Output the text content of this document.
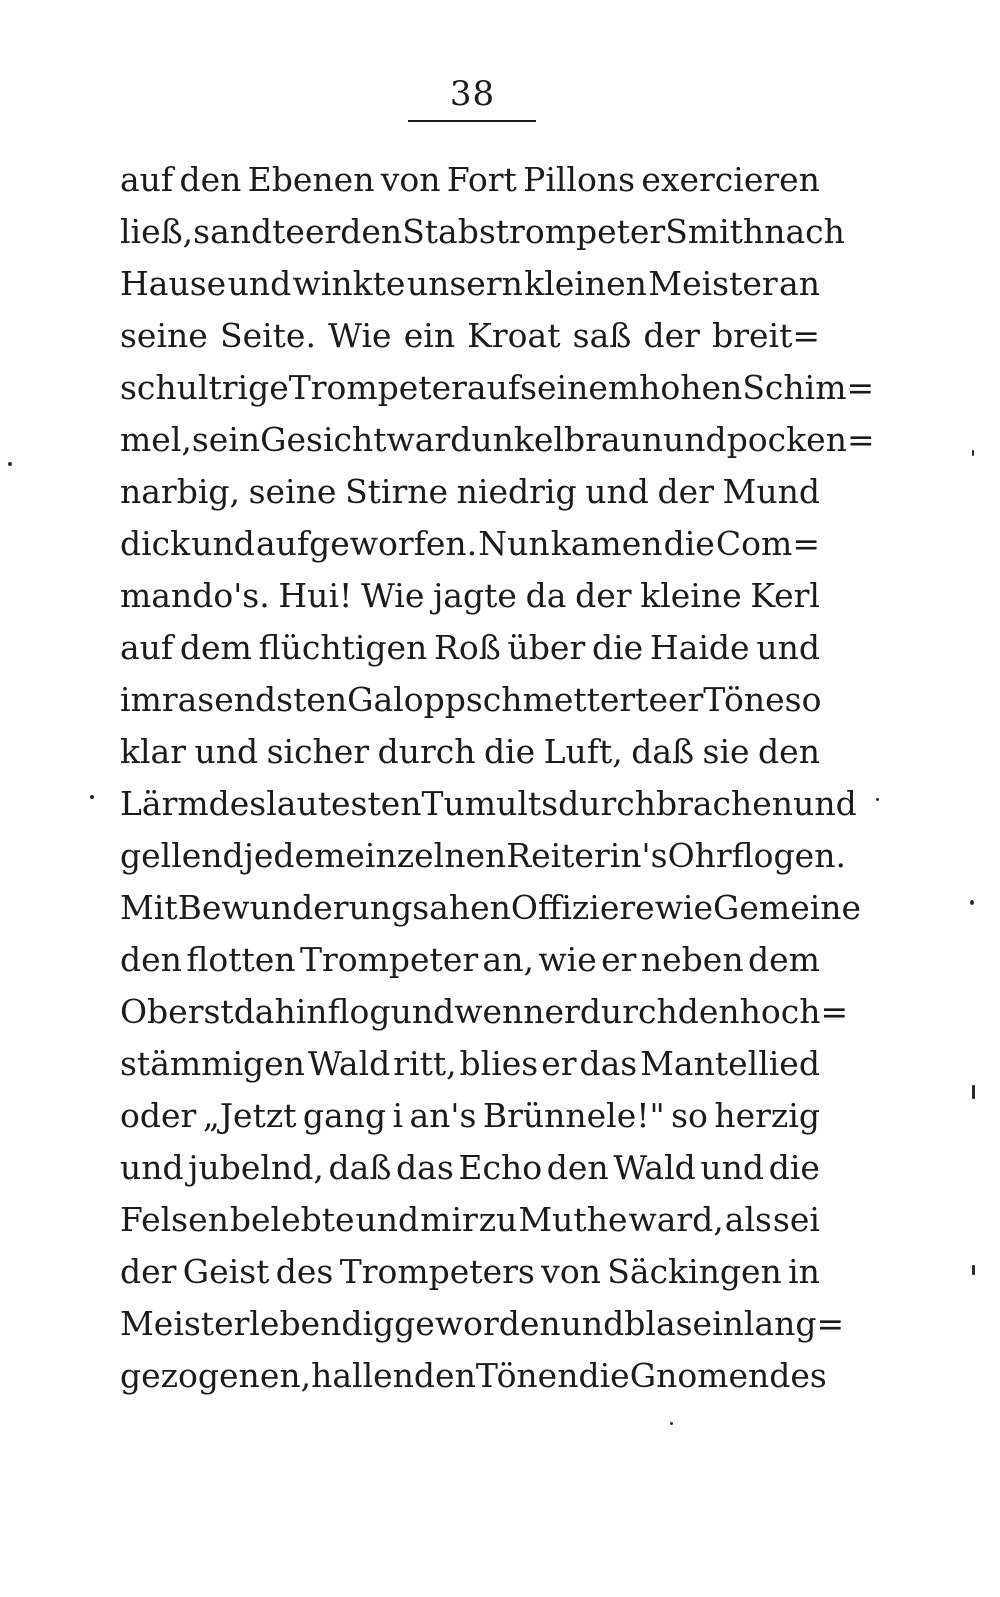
38
auf den Ebenen von Fort Pillons exercieren
ließ, sandte er den Stabstrompeter Smith nach
Hause und winkte unsern kleinen Meister an
seine Seite. Wie ein Kroat saß der breit=
schultrige Trompeter auf seinem hohen Schim=
mel, sein Gesicht war dunkelbraun und pocken=
narbig, seine Stirne niedrig und der Mund
dick und aufgeworfen. Nun kamen die Com=
mando's. Hui! Wie jagte da der kleine Kerl
auf dem flüchtigen Roß über die Haide und
im rasendsten Galopp schmetterte er Töne so
klar und sicher durch die Luft, daß sie den
Lärm des lautesten Tumults durchbrachen und
gellend jedem einzelnen Reiter in's Ohr flogen.
Mit Bewunderung sahen Offiziere wie Gemeine
den flotten Trompeter an, wie er neben dem
Oberst dahinflog und wenn er durch den hoch=
stämmigen Wald ritt, blies er das Mantellied
oder „Jetzt gang i an's Brünnele!" so herzig
und jubelnd, daß das Echo den Wald und die
Felsen belebte und mir zu Muthe ward, als sei
der Geist des Trompeters von Säckingen in
Meister lebendig geworden und blase in lang=
gezogenen, hallenden Tönen die Gnomen des
